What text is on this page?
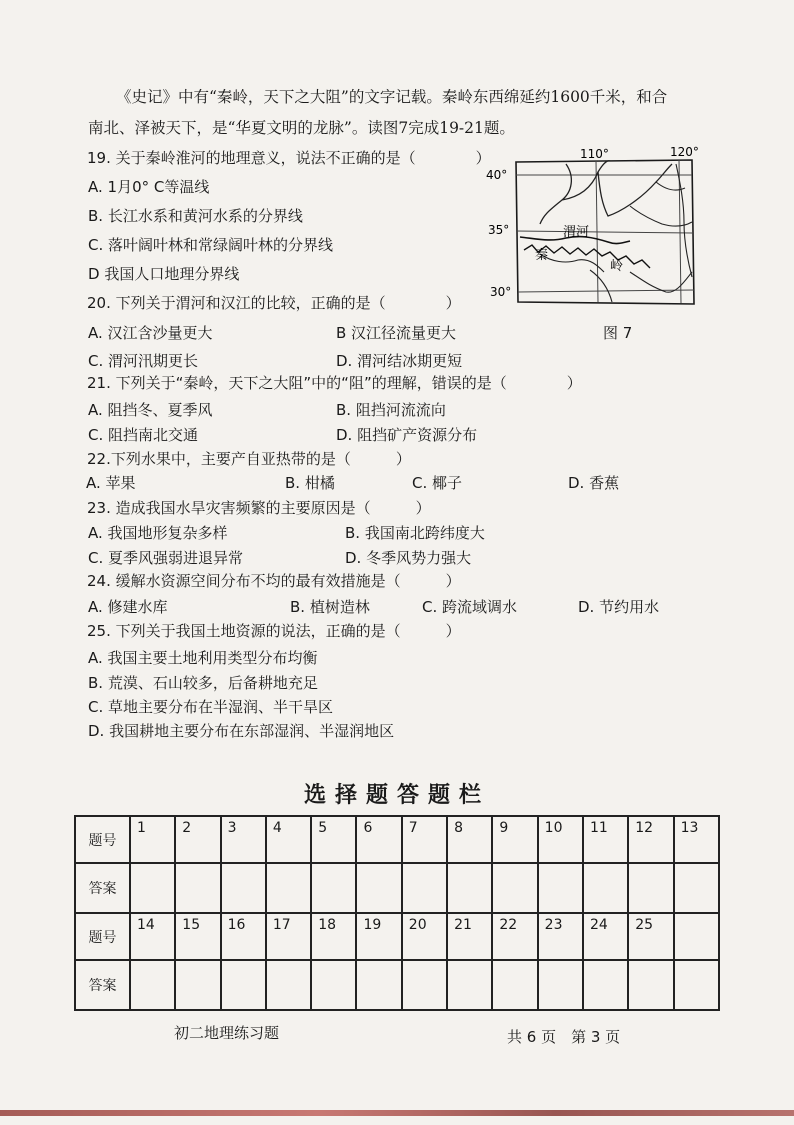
《史记》中有“秦岭，天下之大阻”的文字记载。秦岭东西绵延约1600千米，和合
南北、泽被天下，是“华夏文明的龙脉”。读图7完成19-21题。
19. 关于秦岭淮河的地理意义，说法不正确的是（　　　　）
A. 1月0° C等温线
B. 长江水系和黄河水系的分界线
C. 落叶阔叶林和常绿阔叶林的分界线
D 我国人口地理分界线
20. 下列关于渭河和汉江的比较，正确的是（　　　　）
A. 汉江含沙量更大	B 汉江径流量更大
C. 渭河汛期更长	D. 渭河结冰期更短
21. 下列关于“秦岭，天下之大阻”中的“阻”的理解，错误的是（　　　　）
A. 阻挡冬、夏季风	B. 阻挡河流流向
C. 阻挡南北交通	D. 阻挡矿产资源分布
22.下列水果中，主要产自亚热带的是（　　　）
A. 苹果	B. 柑橘	C. 椰子	D. 香蕉
23. 造成我国水旱灾害频繁的主要原因是（　　　）
A. 我国地形复杂多样	B. 我国南北跨纬度大
C. 夏季风强弱进退异常	D. 冬季风势力强大
24. 缓解水资源空间分布不均的最有效措施是（　　　）
A. 修建水库	B. 植树造林	C. 跨流域调水	D. 节约用水
25. 下列关于我国土地资源的说法，正确的是（　　　）
A. 我国主要土地利用类型分布均衡
B. 荒漠、石山较多，后备耕地充足
C. 草地主要分布在半湿润、半干旱区
D. 我国耕地主要分布在东部湿润、半湿润地区
110°	120°
40°
35°
30°
渭河
秦
岭
图 7
选择题答题栏
题号	1	2	3	4	5	6	7	8	9	10	11	12	13
答案													
题号	14	15	16	17	18	19	20	21	22	23	24	25	
答案													
初二地理练习题	共 6 页　第 3 页
